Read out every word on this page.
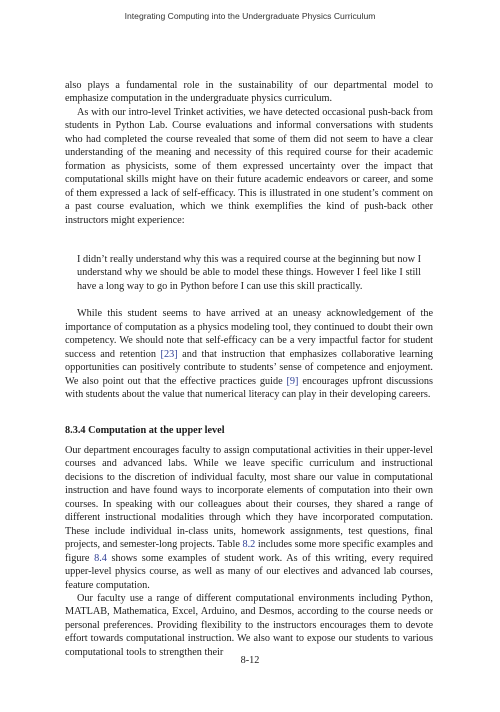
Integrating Computing into the Undergraduate Physics Curriculum

also plays a fundamental role in the sustainability of our departmental model to emphasize computation in the undergraduate physics curriculum.

As with our intro-level Trinket activities, we have detected occasional push-back from students in Python Lab. Course evaluations and informal conversations with students who had completed the course revealed that some of them did not seem to have a clear understanding of the meaning and necessity of this required course for their academic formation as physicists, some of them expressed uncertainty over the impact that computational skills might have on their future academic endeavors or career, and some of them expressed a lack of self-efficacy. This is illustrated in one student’s comment on a past course evaluation, which we think exemplifies the kind of push-back other instructors might experience:

I didn’t really understand why this was a required course at the beginning but now I understand why we should be able to model these things. However I feel like I still have a long way to go in Python before I can use this skill practically.

While this student seems to have arrived at an uneasy acknowledgement of the importance of computation as a physics modeling tool, they continued to doubt their own competency. We should note that self-efficacy can be a very impactful factor for student success and retention [23] and that instruction that emphasizes collaborative learning opportunities can positively contribute to students’ sense of competence and enjoyment. We also point out that the effective practices guide [9] encourages upfront discussions with students about the value that numerical literacy can play in their developing careers.

8.3.4 Computation at the upper level

Our department encourages faculty to assign computational activities in their upper-level courses and advanced labs. While we leave specific curriculum and instructional decisions to the discretion of individual faculty, most share our value in computational instruction and have found ways to incorporate elements of computation into their own courses. In speaking with our colleagues about their courses, they shared a range of different instructional modalities through which they have incorporated computation. These include individual in-class units, homework assignments, test questions, final projects, and semester-long projects. Table 8.2 includes some more specific examples and figure 8.4 shows some examples of student work. As of this writing, every required upper-level physics course, as well as many of our electives and advanced lab courses, feature computation.

Our faculty use a range of different computational environments including Python, MATLAB, Mathematica, Excel, Arduino, and Desmos, according to the course needs or personal preferences. Providing flexibility to the instructors encourages them to devote effort towards computational instruction. We also want to expose our students to various computational tools to strengthen their

8-12
